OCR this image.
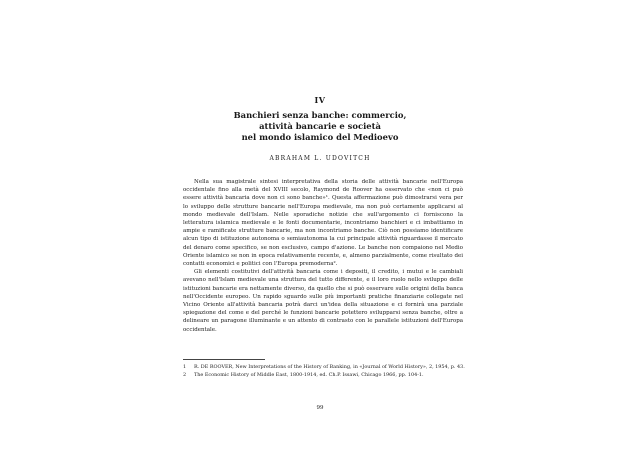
IV
Banchieri senza banche: commercio,
attività bancarie e società
nel mondo islamico del Medioevo
ABRAHAM L. UDOVITCH

Nella sua magistrale sintesi interpretativa della storia delle attività bancarie nell'Europa occidentale fino alla metà del XVIII secolo, Raymond de Roover ha osservato che «non ci può essere attività bancaria dove non ci sono banche»¹. Questa affermazione può dimostrarsi vera per lo sviluppo delle strutture bancarie nell'Europa medievale, ma non può certamente applicarsi al mondo medievale dell'Islam. Nelle sporadiche notizie che sull'argomento ci forniscono la letteratura islamica medievale e le fonti documentarie, incontriamo banchieri e ci imbattiamo in ampie e ramificate strutture bancarie, ma non incontriamo banche. Ciò non possiamo identificare alcun tipo di istituzione autonoma o semiautonoma la cui principale attività riguardasse il mercato del denaro come specifico, se non esclusivo, campo d'azione. Le banche non compaiono nel Medio Oriente islamico se non in epoca relativamente recente, e, almeno parzialmente, come risultato dei contatti economici e politici con l'Europa premoderna².

Gli elementi costitutivi dell'attività bancaria come i depositi, il credito, i mutui e le cambiali avevano nell'Islam medievale una struttura del tutto differente, e il loro ruolo nello sviluppo delle istituzioni bancarie era nettamente diverso, da quello che si può osservare sulle origini della banca nell'Occidente europeo. Un rapido sguardo sulle più importanti pratiche finanziarie collegate nel Vicino Oriente all'attività bancaria potrà darci un'idea della situazione e ci fornirà una parziale spiegazione del come e del perché le funzioni bancarie potettero svilupparsi senza banche, oltre a delineare un paragone illuminante e un attento di contrasto con le parallele istituzioni dell'Europa occidentale.

1 R. DE ROOVER, New Interpretations of the History of Banking, in «Journal of World History», 2, 1954, p. 43.
2 The Economic History of Middle East, 1800-1914, ed. Ch.P. Issawi, Chicago 1966, pp. 104-1.
99
